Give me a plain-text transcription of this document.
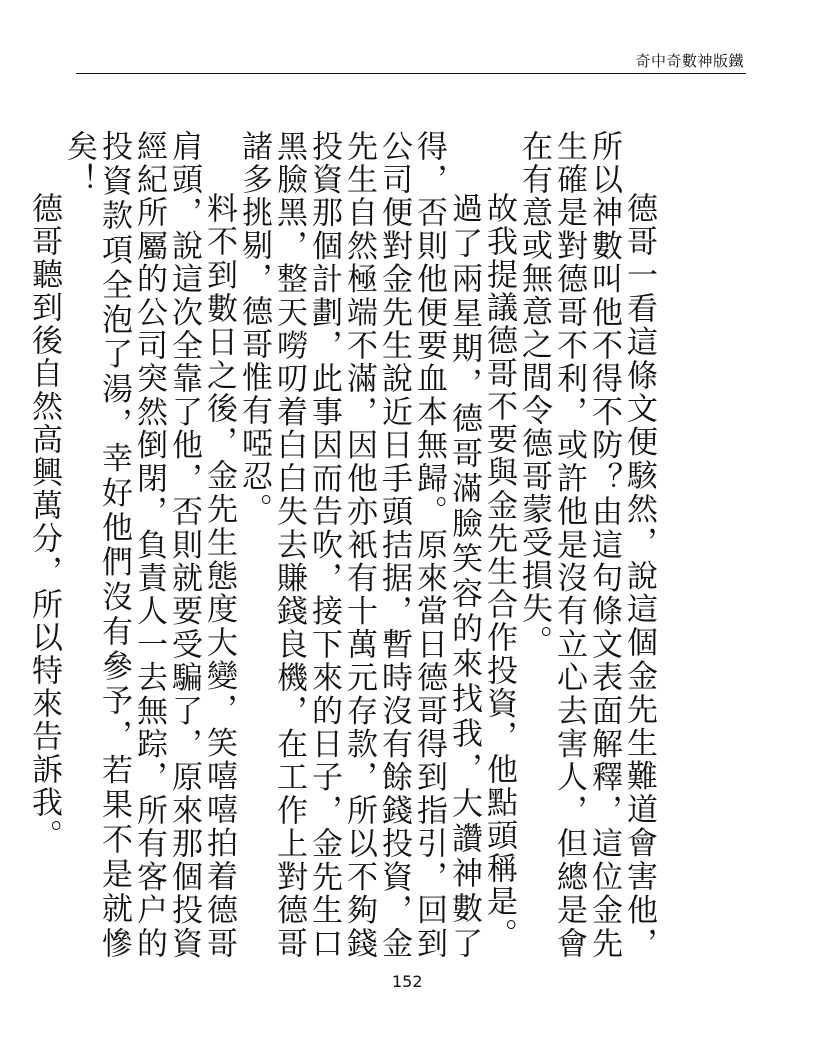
奇中奇數神版鐵

德哥一看這條文便駭然，說這個金先生難道會害他，所以神數叫他不得不防？由這句條文表面解釋，這位金先生確是對德哥不利，或許他是沒有立心去害人，但總是會在有意或無意之間令德哥蒙受損失。

故我提議德哥不要與金先生合作投資，他點頭稱是。

過了兩星期，德哥滿臉笑容的來找我，大讚神數了得，否則他便要血本無歸。原來當日德哥得到指引，回到公司便對金先生說近日手頭拮据，暫時沒有餘錢投資，金先生自然極端不滿，因他亦衹有十萬元存款，所以不夠錢投資那個計劃，此事因而告吹，接下來的日子，金先生口黑臉黑，整天嘮叨着白白失去賺錢良機，在工作上對德哥諸多挑剔，德哥惟有啞忍。

料不到數日之後，金先生態度大變，笑嘻嘻拍着德哥肩頭，說這次全靠了他，否則就要受騙了，原來那個投資經紀所屬的公司突然倒閉，負責人一去無踪，所有客户的投資款項全泡了湯，幸好他們沒有參予，若果不是就慘矣！

德哥聽到後自然高興萬分，所以特來告訴我。

152
